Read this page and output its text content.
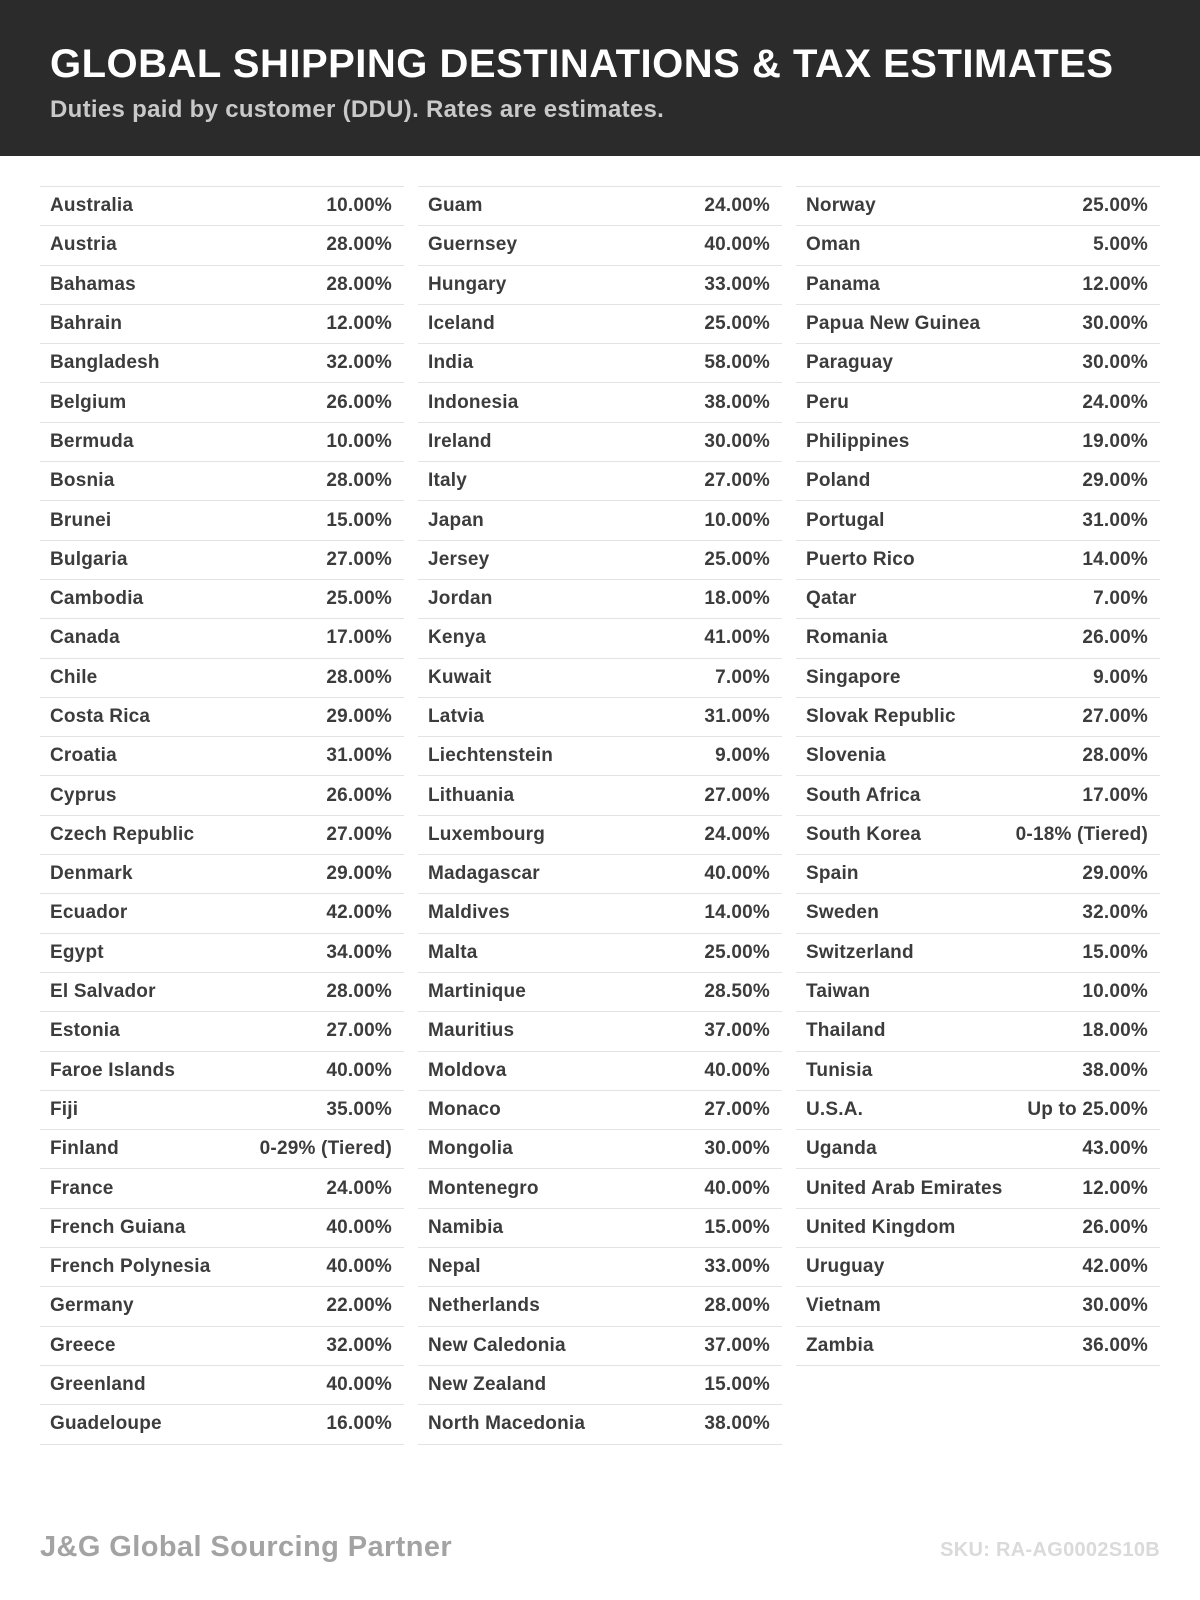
GLOBAL SHIPPING DESTINATIONS & TAX ESTIMATES

Duties paid by customer (DDU). Rates are estimates.

Australia	10.00%
Austria	28.00%
Bahamas	28.00%
Bahrain	12.00%
Bangladesh	32.00%
Belgium	26.00%
Bermuda	10.00%
Bosnia	28.00%
Brunei	15.00%
Bulgaria	27.00%
Cambodia	25.00%
Canada	17.00%
Chile	28.00%
Costa Rica	29.00%
Croatia	31.00%
Cyprus	26.00%
Czech Republic	27.00%
Denmark	29.00%
Ecuador	42.00%
Egypt	34.00%
El Salvador	28.00%
Estonia	27.00%
Faroe Islands	40.00%
Fiji	35.00%
Finland	0-29% (Tiered)
France	24.00%
French Guiana	40.00%
French Polynesia	40.00%
Germany	22.00%
Greece	32.00%
Greenland	40.00%
Guadeloupe	16.00%
Guam	24.00%
Guernsey	40.00%
Hungary	33.00%
Iceland	25.00%
India	58.00%
Indonesia	38.00%
Ireland	30.00%
Italy	27.00%
Japan	10.00%
Jersey	25.00%
Jordan	18.00%
Kenya	41.00%
Kuwait	7.00%
Latvia	31.00%
Liechtenstein	9.00%
Lithuania	27.00%
Luxembourg	24.00%
Madagascar	40.00%
Maldives	14.00%
Malta	25.00%
Martinique	28.50%
Mauritius	37.00%
Moldova	40.00%
Monaco	27.00%
Mongolia	30.00%
Montenegro	40.00%
Namibia	15.00%
Nepal	33.00%
Netherlands	28.00%
New Caledonia	37.00%
New Zealand	15.00%
North Macedonia	38.00%
Norway	25.00%
Oman	5.00%
Panama	12.00%
Papua New Guinea	30.00%
Paraguay	30.00%
Peru	24.00%
Philippines	19.00%
Poland	29.00%
Portugal	31.00%
Puerto Rico	14.00%
Qatar	7.00%
Romania	26.00%
Singapore	9.00%
Slovak Republic	27.00%
Slovenia	28.00%
South Africa	17.00%
South Korea	0-18% (Tiered)
Spain	29.00%
Sweden	32.00%
Switzerland	15.00%
Taiwan	10.00%
Thailand	18.00%
Tunisia	38.00%
U.S.A.	Up to 25.00%
Uganda	43.00%
United Arab Emirates	12.00%
United Kingdom	26.00%
Uruguay	42.00%
Vietnam	30.00%
Zambia	36.00%
J&G Global Sourcing Partner	SKU: RA-AG0002S10B
